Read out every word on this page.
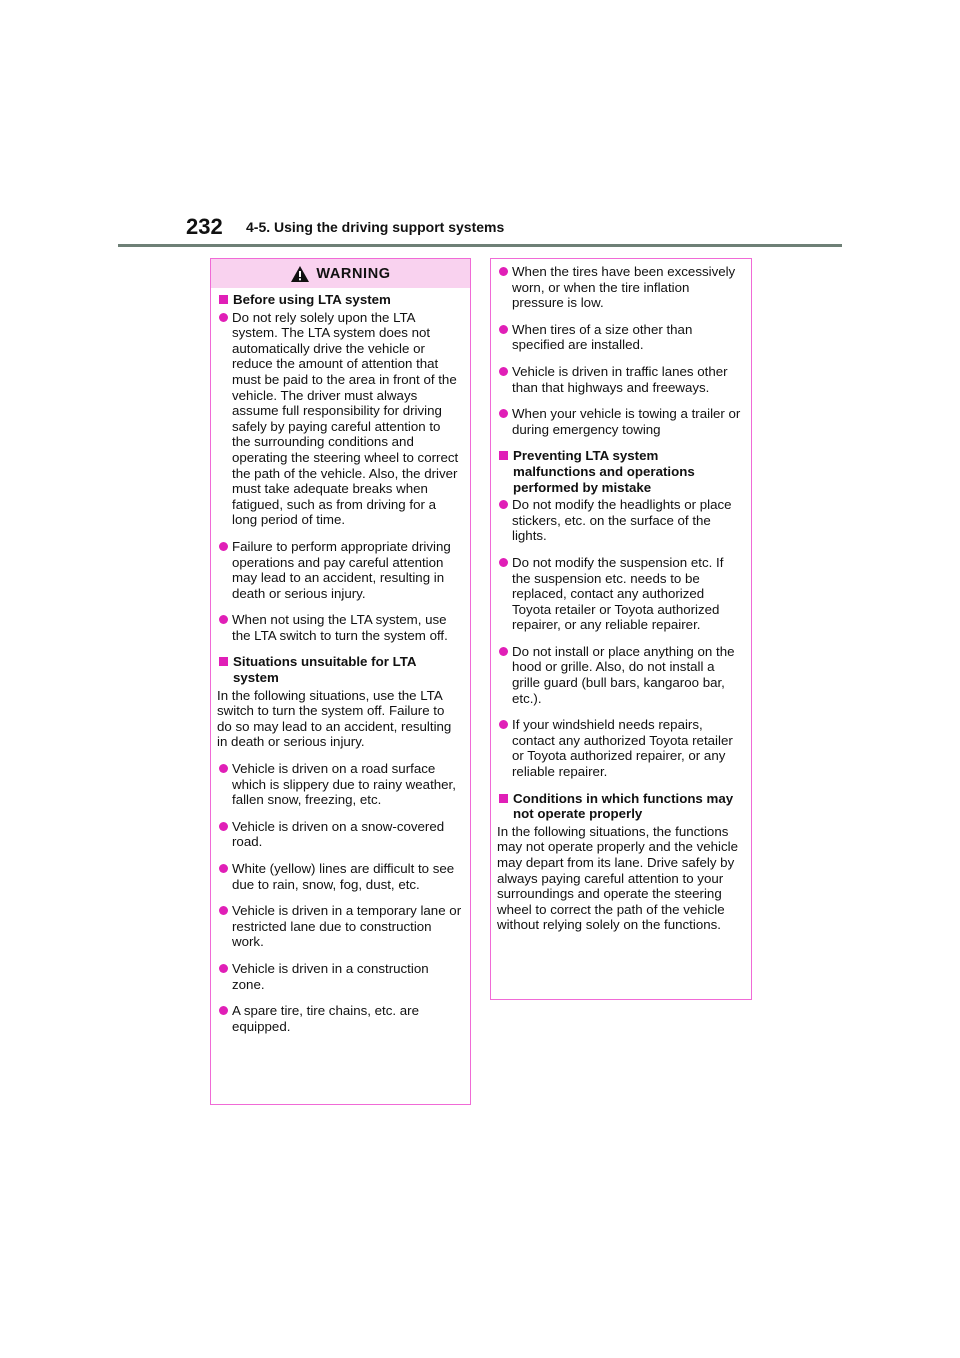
232 4-5. Using the driving support systems
WARNING
Before using LTA system
Do not rely solely upon the LTA system. The LTA system does not automatically drive the vehicle or reduce the amount of attention that must be paid to the area in front of the vehicle. The driver must always assume full responsibility for driving safely by paying careful attention to the surrounding conditions and operating the steering wheel to correct the path of the vehicle. Also, the driver must take adequate breaks when fatigued, such as from driving for a long period of time.
Failure to perform appropriate driving operations and pay careful attention may lead to an accident, resulting in death or serious injury.
When not using the LTA system, use the LTA switch to turn the system off.
Situations unsuitable for LTA system
In the following situations, use the LTA switch to turn the system off. Failure to do so may lead to an accident, resulting in death or serious injury.
Vehicle is driven on a road surface which is slippery due to rainy weather, fallen snow, freezing, etc.
Vehicle is driven on a snow-covered road.
White (yellow) lines are difficult to see due to rain, snow, fog, dust, etc.
Vehicle is driven in a temporary lane or restricted lane due to construction work.
Vehicle is driven in a construction zone.
A spare tire, tire chains, etc. are equipped.
When the tires have been excessively worn, or when the tire inflation pressure is low.
When tires of a size other than specified are installed.
Vehicle is driven in traffic lanes other than that highways and freeways.
When your vehicle is towing a trailer or during emergency towing
Preventing LTA system malfunctions and operations performed by mistake
Do not modify the headlights or place stickers, etc. on the surface of the lights.
Do not modify the suspension etc. If the suspension etc. needs to be replaced, contact any authorized Toyota retailer or Toyota authorized repairer, or any reliable repairer.
Do not install or place anything on the hood or grille. Also, do not install a grille guard (bull bars, kangaroo bar, etc.).
If your windshield needs repairs, contact any authorized Toyota retailer or Toyota authorized repairer, or any reliable repairer.
Conditions in which functions may not operate properly
In the following situations, the functions may not operate properly and the vehicle may depart from its lane. Drive safely by always paying careful attention to your surroundings and operate the steering wheel to correct the path of the vehicle without relying solely on the functions.
